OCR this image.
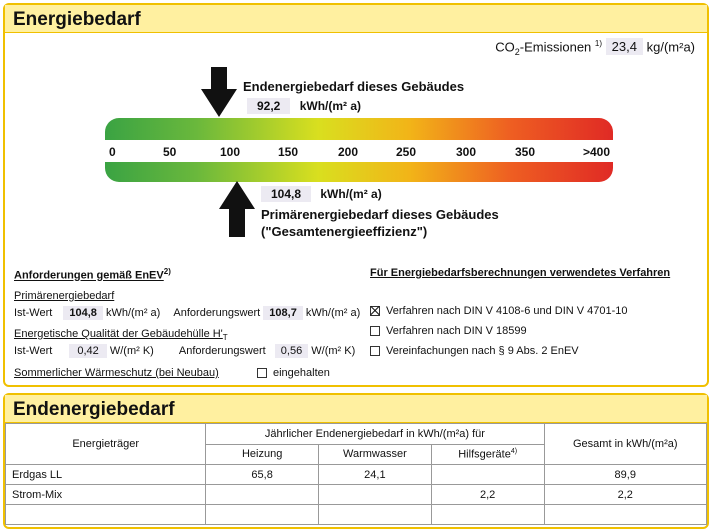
Energiebedarf
$CO_2$-Emissionen $^{1)}$ 23,4 kg/(m²a)
Endenergiebedarf dieses Gebäudes
92,2 kWh/(m² a)
0	50	100	150	200	250	300	350	>400
104,8 kWh/(m² a)
Primärenergiebedarf dieses Gebäudes
("Gesamtenergieeffizienz")
Anforderungen gemäß EnEV$^{2)}$
Primärenergiebedarf
Ist-Wert 104,8 kWh/(m² a) Anforderungswert 108,7 kWh/(m² a)
Energetische Qualität der Gebäudehülle $H'_T$
Ist-Wert 0,42 W/(m² K) Anforderungswert 0,56 W/(m² K)
Sommerlicher Wärmeschutz (bei Neubau)	eingehalten
Für Energiebedarfsberechnungen verwendetes Verfahren
Verfahren nach DIN V 4108-6 und DIN V 4701-10
Verfahren nach DIN V 18599
Vereinfachungen nach § 9 Abs. 2 EnEV
Endenergiebedarf
Energieträger	Jährlicher Endenergiebedarf in kWh/(m²a) für			Gesamt in kWh/(m²a)
	Heizung	Warmwasser	Hilfsgeräte$^{4)}$
Erdgas LL	65,8	24,1		89,9
Strom-Mix			2,2	2,2
